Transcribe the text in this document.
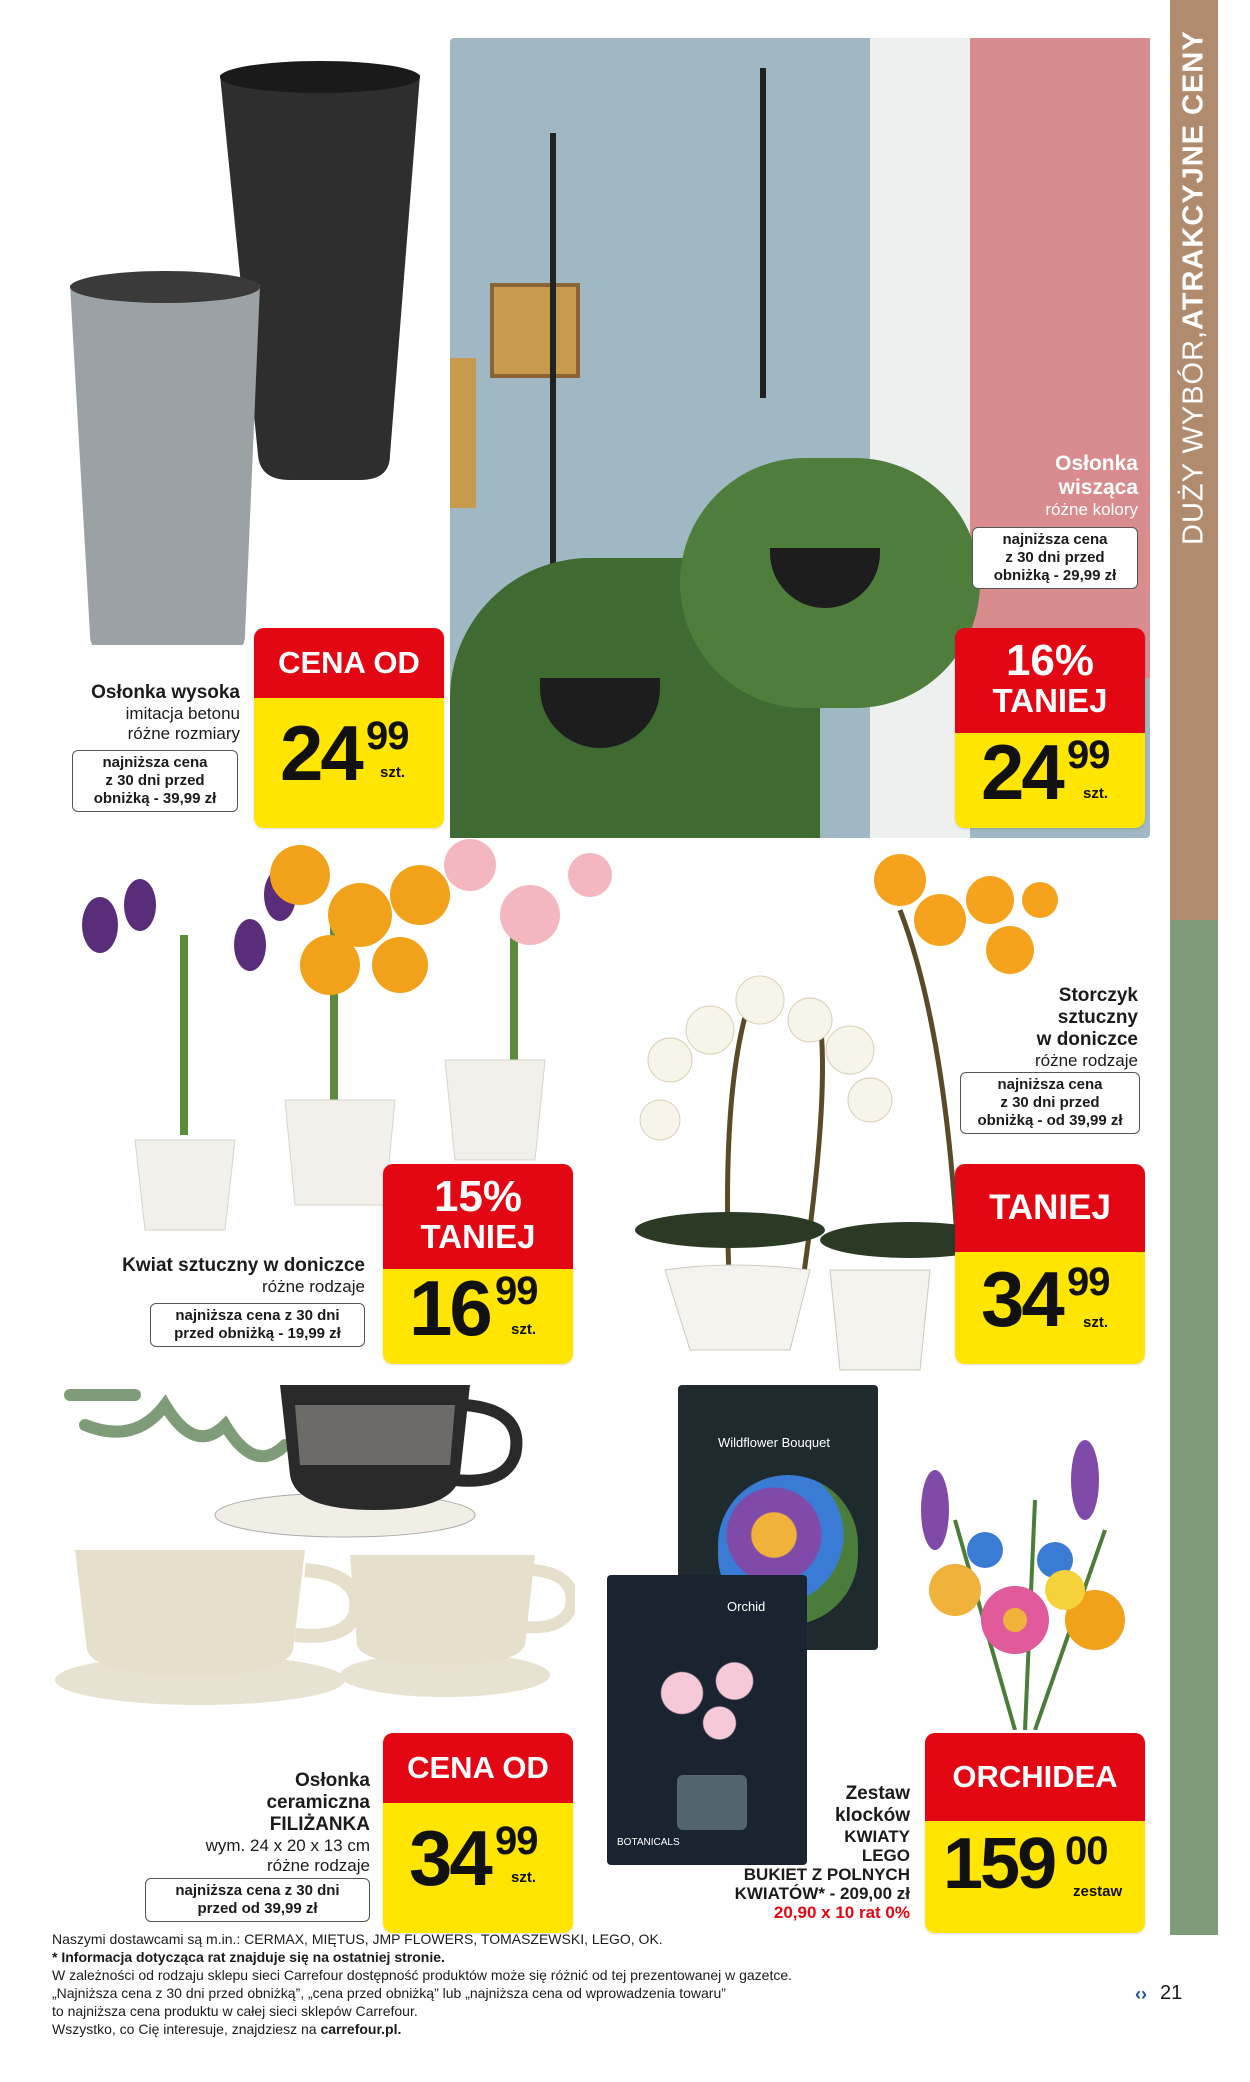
DUŻY WYBÓR,
ATRAKCYJNE CENY
Osłonka wysoka
imitacja betonu
różne rozmiary
najniższa cena
z 30 dni przed
obniżką - 39,99 zł
CENA OD
24 99
szt.
Osłonka
wisząca
różne kolory
najniższa cena
z 30 dni przed
obniżką - 29,99 zł
16%
TANIEJ
24 99
szt.
Kwiat sztuczny w doniczce
różne rodzaje
najniższa cena z 30 dni
przed obniżką - 19,99 zł
15%
TANIEJ
16 99
szt.
Storczyk
sztuczny
w doniczce
różne rodzaje
najniższa cena
z 30 dni przed
obniżką - od 39,99 zł
TANIEJ
34 99
szt.
Osłonka
ceramiczna
FILIŻANKA
wym. 24 x 20 x 13 cm
różne rodzaje
najniższa cena z 30 dni
przed od 39,99 zł
CENA OD
34 99
szt.
Wildflower Bouquet
Orchid
BOTANICALS
Zestaw
klocków
KWIATY
LEGO
BUKIET Z POLNYCH
KWIATÓW* - 209,00 zł
20,90 x 10 rat 0%
ORCHIDEA
159 00
zestaw
Naszymi dostawcami są m.in.: CERMAX, MIĘTUS, JMP FLOWERS, TOMASZEWSKI, LEGO, OK.
* Informacja dotycząca rat znajduje się na ostatniej stronie.
W zależności od rodzaju sklepu sieci Carrefour dostępność produktów może się różnić od tej prezentowanej w gazetce.
„Najniższa cena z 30 dni przed obniżką”, „cena przed obniżką” lub „najniższa cena od wprowadzenia towaru”
to najniższa cena produktu w całej sieci sklepów Carrefour.
Wszystko, co Cię interesuje, znajdziesz na carrefour.pl.
‹› 21
